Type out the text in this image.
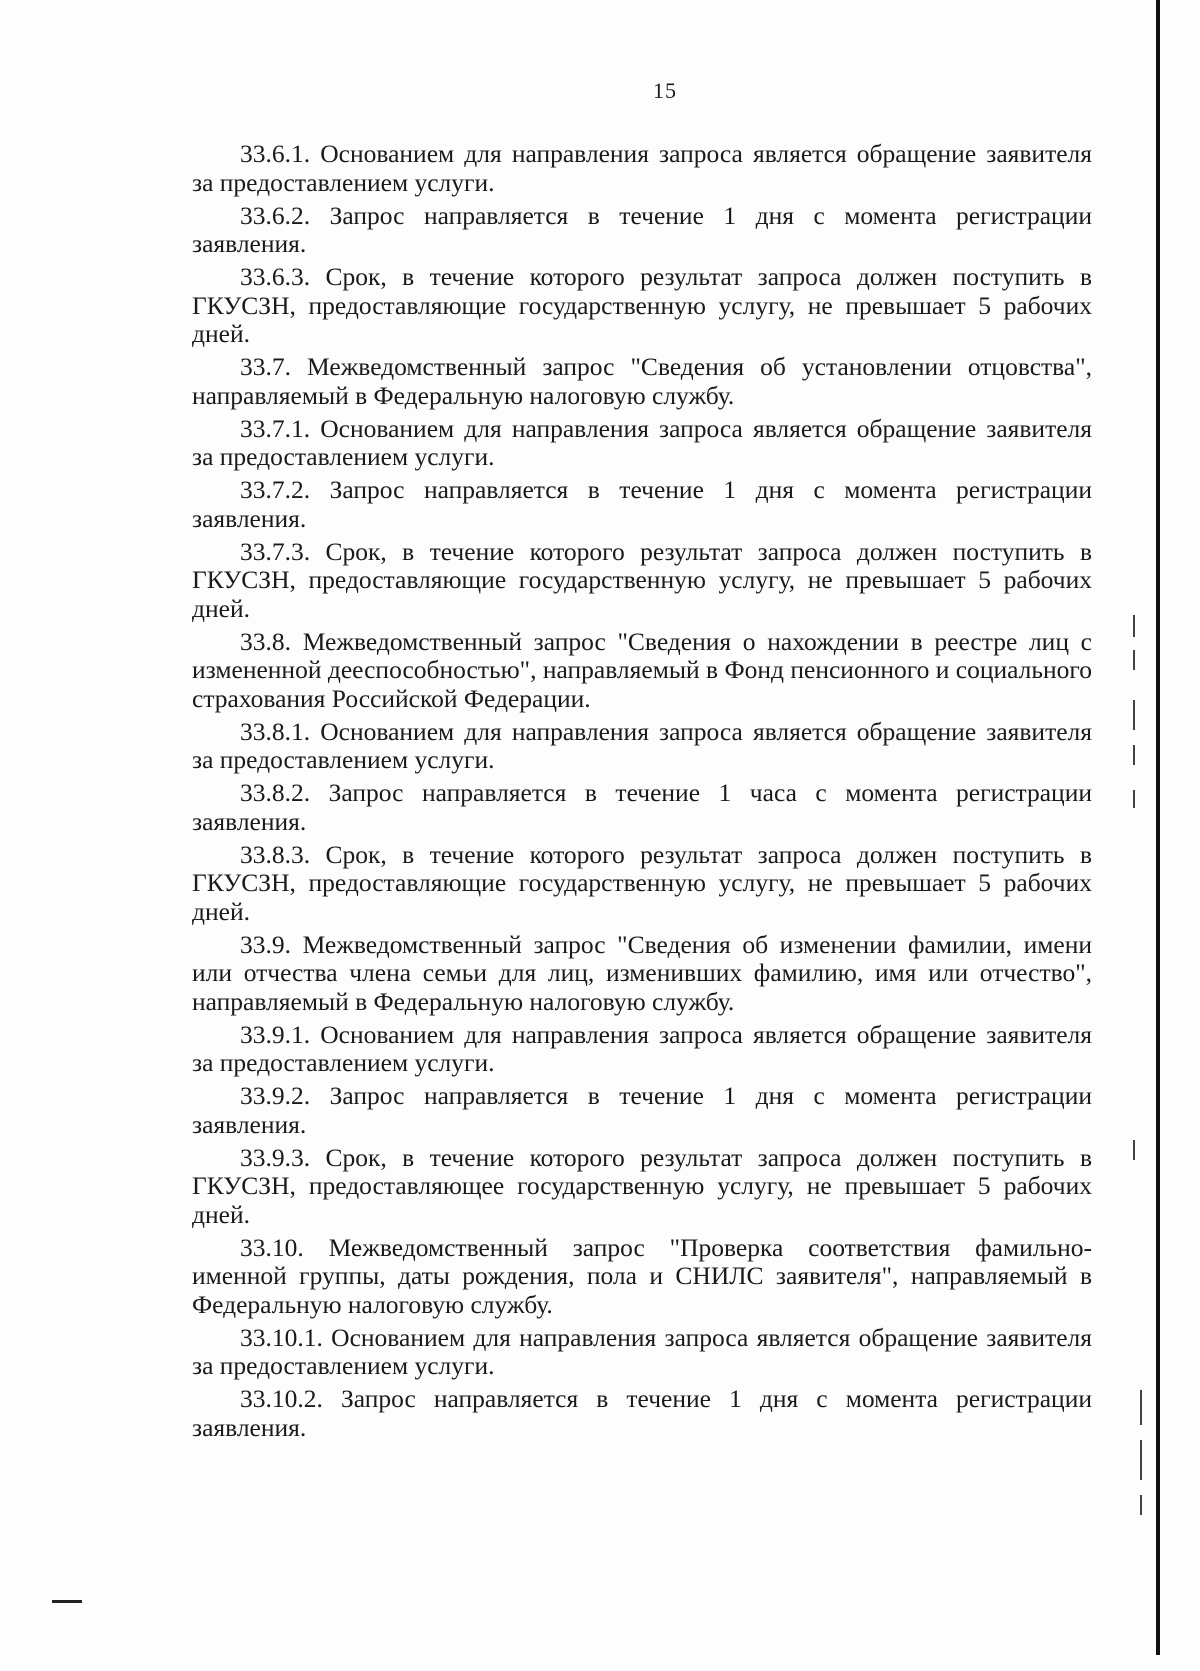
15

33.6.1. Основанием для направления запроса является обращение заявителя за предоставлением услуги.

33.6.2. Запрос направляется в течение 1 дня с момента регистрации заявления.

33.6.3. Срок, в течение которого результат запроса должен поступить в ГКУСЗН, предоставляющие государственную услугу, не превышает 5 рабочих дней.

33.7. Межведомственный запрос "Сведения об установлении отцовства", направляемый в Федеральную налоговую службу.

33.7.1. Основанием для направления запроса является обращение заявителя за предоставлением услуги.

33.7.2. Запрос направляется в течение 1 дня с момента регистрации заявления.

33.7.3. Срок, в течение которого результат запроса должен поступить в ГКУСЗН, предоставляющие государственную услугу, не превышает 5 рабочих дней.

33.8. Межведомственный запрос "Сведения о нахождении в реестре лиц с измененной дееспособностью", направляемый в Фонд пенсионного и социального страхования Российской Федерации.

33.8.1. Основанием для направления запроса является обращение заявителя за предоставлением услуги.

33.8.2. Запрос направляется в течение 1 часа с момента регистрации заявления.

33.8.3. Срок, в течение которого результат запроса должен поступить в ГКУСЗН, предоставляющие государственную услугу, не превышает 5 рабочих дней.

33.9. Межведомственный запрос "Сведения об изменении фамилии, имени или отчества члена семьи для лиц, изменивших фамилию, имя или отчество", направляемый в Федеральную налоговую службу.

33.9.1. Основанием для направления запроса является обращение заявителя за предоставлением услуги.

33.9.2. Запрос направляется в течение 1 дня с момента регистрации заявления.

33.9.3. Срок, в течение которого результат запроса должен поступить в ГКУСЗН, предоставляющее государственную услугу, не превышает 5 рабочих дней.

33.10. Межведомственный запрос "Проверка соответствия фамильно-именной группы, даты рождения, пола и СНИЛС заявителя", направляемый в Федеральную налоговую службу.

33.10.1. Основанием для направления запроса является обращение заявителя за предоставлением услуги.

33.10.2. Запрос направляется в течение 1 дня с момента регистрации заявления.
